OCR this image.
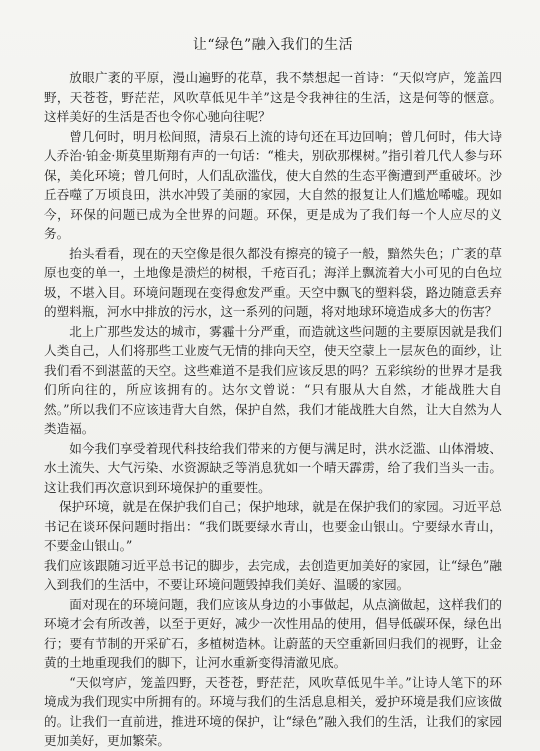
让“绿色”融入我们的生活

放眼广袤的平原，漫山遍野的花草，我不禁想起一首诗：“天似穹庐，笼盖四野，天苍苍，野茫茫，风吹草低见牛羊”这是令我神往的生活，这是何等的惬意。这样美好的生活是否也令你心驰向往呢？

曾几何时，明月松间照，清泉石上流的诗句还在耳边回响；曾几何时，伟大诗人乔治·铂金·斯莫里斯翔有声的一句话：“椎夫，别砍那棵树。”指引着几代人参与环保，美化环境；曾几何时，人们乱砍滥伐，使大自然的生态平衡遭到严重破坏。沙丘吞噬了万顷良田，洪水冲毁了美丽的家园，大自然的报复让人们尴尬唏嘘。现如今，环保的问题已成为全世界的问题。环保，更是成为了我们每一个人应尽的义务。

抬头看看，现在的天空像是很久都没有擦亮的镜子一般，黯然失色；广袤的草原也变的单一，土地像是溃烂的树根，千疮百孔；海洋上飘流着大小可见的白色垃圾，不堪入目。环境问题现在变得愈发严重。天空中飘飞的塑料袋，路边随意丢弃的塑料瓶，河水中排放的污水，这一系列的问题，将对地球环境造成多大的伤害？

北上广那些发达的城市，雾霾十分严重，而造就这些问题的主要原因就是我们人类自己，人们将那些工业废气无情的排向天空，使天空蒙上一层灰色的面纱，让我们看不到湛蓝的天空。这些难道不是我们应该反思的吗？五彩缤纷的世界才是我们所向往的，所应该拥有的。达尔文曾说：“只有服从大自然，才能战胜大自然。”所以我们不应该违背大自然，保护自然，我们才能战胜大自然，让大自然为人类造福。

如今我们享受着现代科技给我们带来的方便与满足时，洪水泛滥、山体滑坡、水土流失、大气污染、水资源缺乏等消息犹如一个晴天霹雳，给了我们当头一击。这让我们再次意识到环境保护的重要性。

保护环境，就是在保护我们自己；保护地球，就是在保护我们的家园。习近平总书记在谈环保问题时指出：“我们既要绿水青山，也要金山银山。宁要绿水青山，不要金山银山。”

我们应该跟随习近平总书记的脚步，去完成，去创造更加美好的家园，让“绿色”融入到我们的生活中，不要让环境问题毁掉我们美好、温暖的家园。

面对现在的环境问题，我们应该从身边的小事做起，从点滴做起，这样我们的环境才会有所改善，以至于更好，减少一次性用品的使用，倡导低碳环保，绿色出行；要有节制的开采矿石，多植树造林。让蔚蓝的天空重新回归我们的视野，让金黄的土地重现我们的脚下，让河水重新变得清澈见底。

“天似穹庐，笼盖四野，天苍苍，野茫茫，风吹草低见牛羊。”让诗人笔下的环境成为我们现实中所拥有的。环境与我们的生活息息相关，爱护环境是我们应该做的。让我们一直前进，推进环境的保护，让“绿色”融入我们的生活，让我们的家园更加美好，更加繁荣。
